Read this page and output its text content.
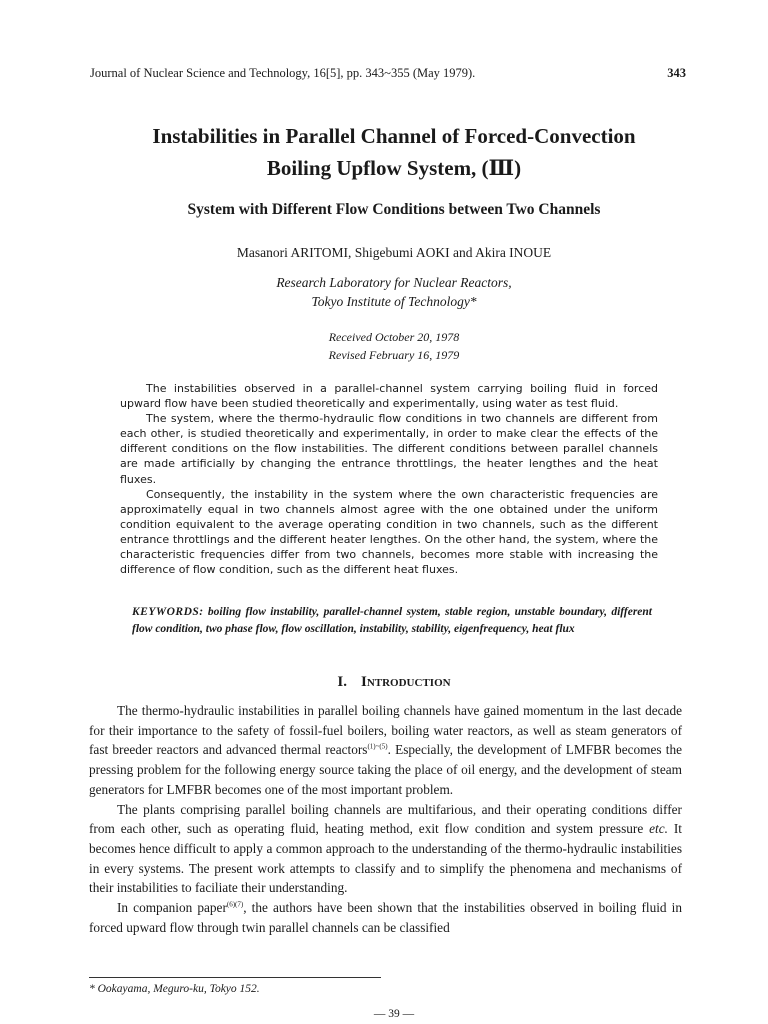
Journal of Nuclear Science and Technology, 16[5], pp. 343~355 (May 1979).	343
Instabilities in Parallel Channel of Forced-Convection
Boiling Upflow System, (Ⅲ)
System with Different Flow Conditions between Two Channels
Masanori ARITOMI, Shigebumi AOKI and Akira INOUE
Research Laboratory for Nuclear Reactors,
Tokyo Institute of Technology*
Received October 20, 1978
Revised February 16, 1979

The instabilities observed in a parallel-channel system carrying boiling fluid in forced upward flow have been studied theoretically and experimentally, using water as test fluid.

The system, where the thermo-hydraulic flow conditions in two channels are different from each other, is studied theoretically and experimentally, in order to make clear the effects of the different conditions on the flow instabilities. The different conditions between parallel channels are made artificially by changing the entrance throttlings, the heater lengthes and the heat fluxes.

Consequently, the instability in the system where the own characteristic frequencies are approximatelly equal in two channels almost agree with the one obtained under the uniform condition equivalent to the average operating condition in two channels, such as the different entrance throttlings and the different heater lengthes. On the other hand, the system, where the characteristic frequencies differ from two channels, becomes more stable with increasing the difference of flow condition, such as the different heat fluxes.

KEYWORDS: boiling flow instability, parallel-channel system, stable region, unstable boundary, different flow condition, two phase flow, flow oscillation, instability, stability, eigenfrequency, heat flux
I. Introduction

The thermo-hydraulic instabilities in parallel boiling channels have gained momentum in the last decade for their importance to the safety of fossil-fuel boilers, boiling water reactors, as well as steam generators of fast breeder reactors and advanced thermal reactors$^{(1)\sim(5)}$. Especially, the development of LMFBR becomes the pressing problem for the following energy source taking the place of oil energy, and the development of steam generators for LMFBR becomes one of the most important problem.

The plants comprising parallel boiling channels are multifarious, and their operating conditions differ from each other, such as operating fluid, heating method, exit flow condition and system pressure etc. It becomes hence difficult to apply a common approach to the understanding of the thermo-hydraulic instabilities in every systems. The present work attempts to classify and to simplify the phenomena and mechanisms of their instabilities to faciliate their understanding.

In companion paper$^{(6)(7)}$, the authors have been shown that the instabilities observed in boiling fluid in forced upward flow through twin parallel channels can be classified

* Ookayama, Meguro-ku, Tokyo 152.
— 39 —
